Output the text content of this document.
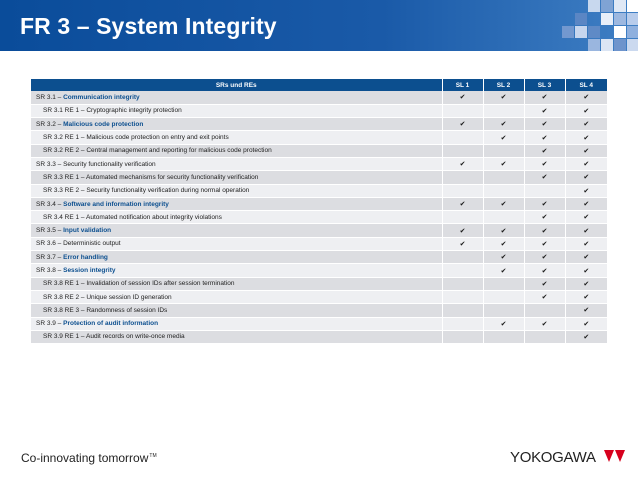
FR 3 – System Integrity
SRs und REs	SL 1	SL 2	SL 3	SL 4
SR 3.1 – Communication integrity	✔	✔	✔	✔
SR 3.1 RE 1 – Cryptographic integrity protection			✔	✔
SR 3.2 – Malicious code protection	✔	✔	✔	✔
SR 3.2 RE 1 – Malicious code protection on entry and exit points		✔	✔	✔
SR 3.2 RE 2 – Central management and reporting for malicious code protection			✔	✔
SR 3.3 – Security functionality verification	✔	✔	✔	✔
SR 3.3 RE 1 – Automated mechanisms for security functionality verification			✔	✔
SR 3.3 RE 2 – Security functionality verification during normal operation				✔
SR 3.4 – Software and information integrity	✔	✔	✔	✔
SR 3.4 RE 1 – Automated notification about integrity violations			✔	✔
SR 3.5 – Input validation	✔	✔	✔	✔
SR 3.6 – Deterministic output	✔	✔	✔	✔
SR 3.7 – Error handling		✔	✔	✔
SR 3.8 – Session integrity		✔	✔	✔
SR 3.8 RE 1 – Invalidation of session IDs after session termination			✔	✔
SR 3.8 RE 2 – Unique session ID generation			✔	✔
SR 3.8 RE 3 – Randomness of session IDs				✔
SR 3.9 – Protection of audit information		✔	✔	✔
SR 3.9 RE 1 – Audit records on write-once media				✔
Co-innovating tomorrow™	YOKOGAWA
